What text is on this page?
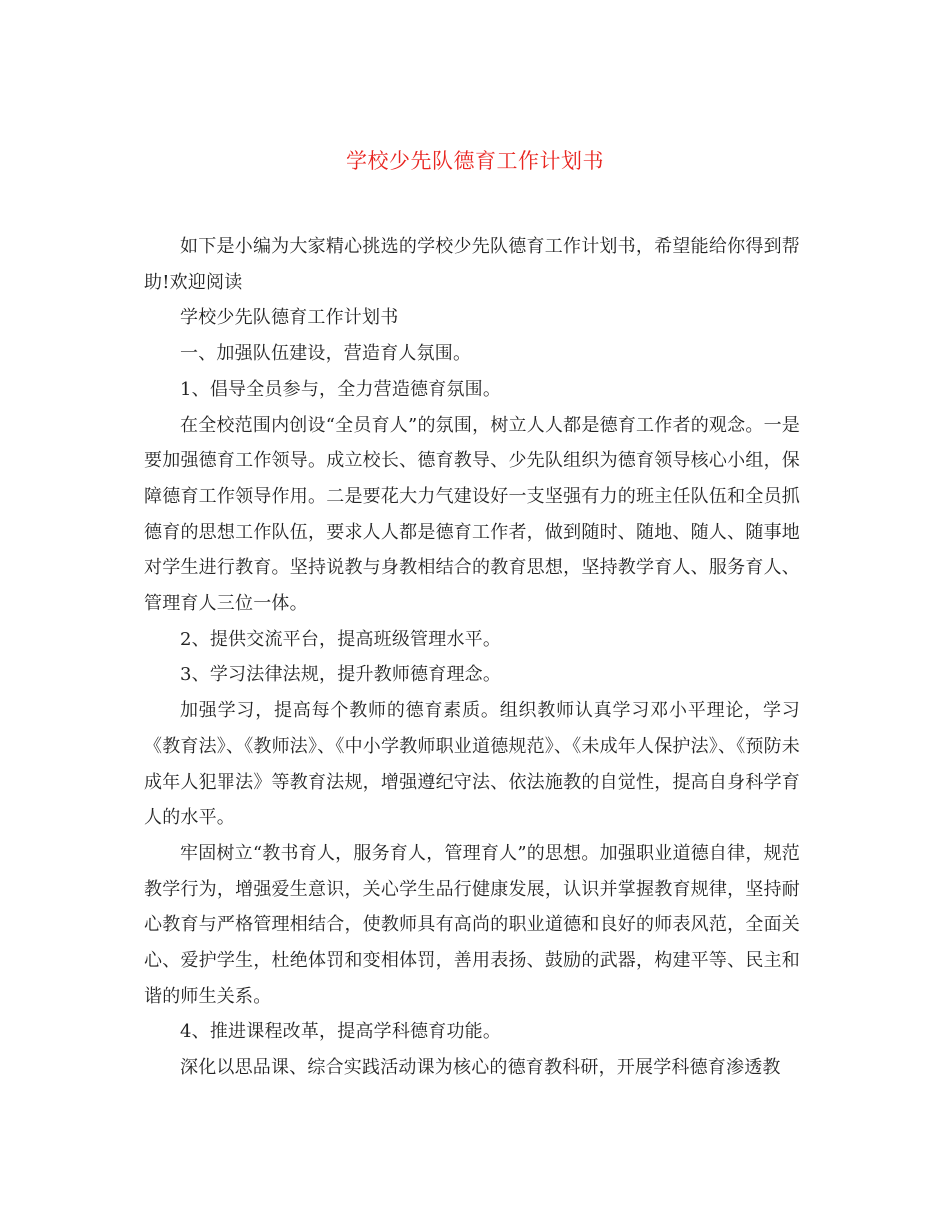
学校少先队德育工作计划书

如下是小编为大家精心挑选的学校少先队德育工作计划书，希望能给你得到帮助!欢迎阅读

学校少先队德育工作计划书

一、加强队伍建设，营造育人氛围。

1、倡导全员参与，全力营造德育氛围。

在全校范围内创设“全员育人”的氛围，树立人人都是德育工作者的观念。一是要加强德育工作领导。成立校长、德育教导、少先队组织为德育领导核心小组，保障德育工作领导作用。二是要花大力气建设好一支坚强有力的班主任队伍和全员抓德育的思想工作队伍，要求人人都是德育工作者，做到随时、随地、随人、随事地对学生进行教育。坚持说教与身教相结合的教育思想，坚持教学育人、服务育人、管理育人三位一体。

2、提供交流平台，提高班级管理水平。

3、学习法律法规，提升教师德育理念。

加强学习，提高每个教师的德育素质。组织教师认真学习邓小平理论，学习《教育法》、《教师法》、《中小学教师职业道德规范》、《未成年人保护法》、《预防未成年人犯罪法》等教育法规，增强遵纪守法、依法施教的自觉性，提高自身科学育人的水平。

牢固树立“教书育人，服务育人，管理育人”的思想。加强职业道德自律，规范教学行为，增强爱生意识，关心学生品行健康发展，认识并掌握教育规律，坚持耐心教育与严格管理相结合，使教师具有高尚的职业道德和良好的师表风范，全面关心、爱护学生，杜绝体罚和变相体罚，善用表扬、鼓励的武器，构建平等、民主和谐的师生关系。

4、推进课程改革，提高学科德育功能。

深化以思品课、综合实践活动课为核心的德育教科研，开展学科德育渗透教
